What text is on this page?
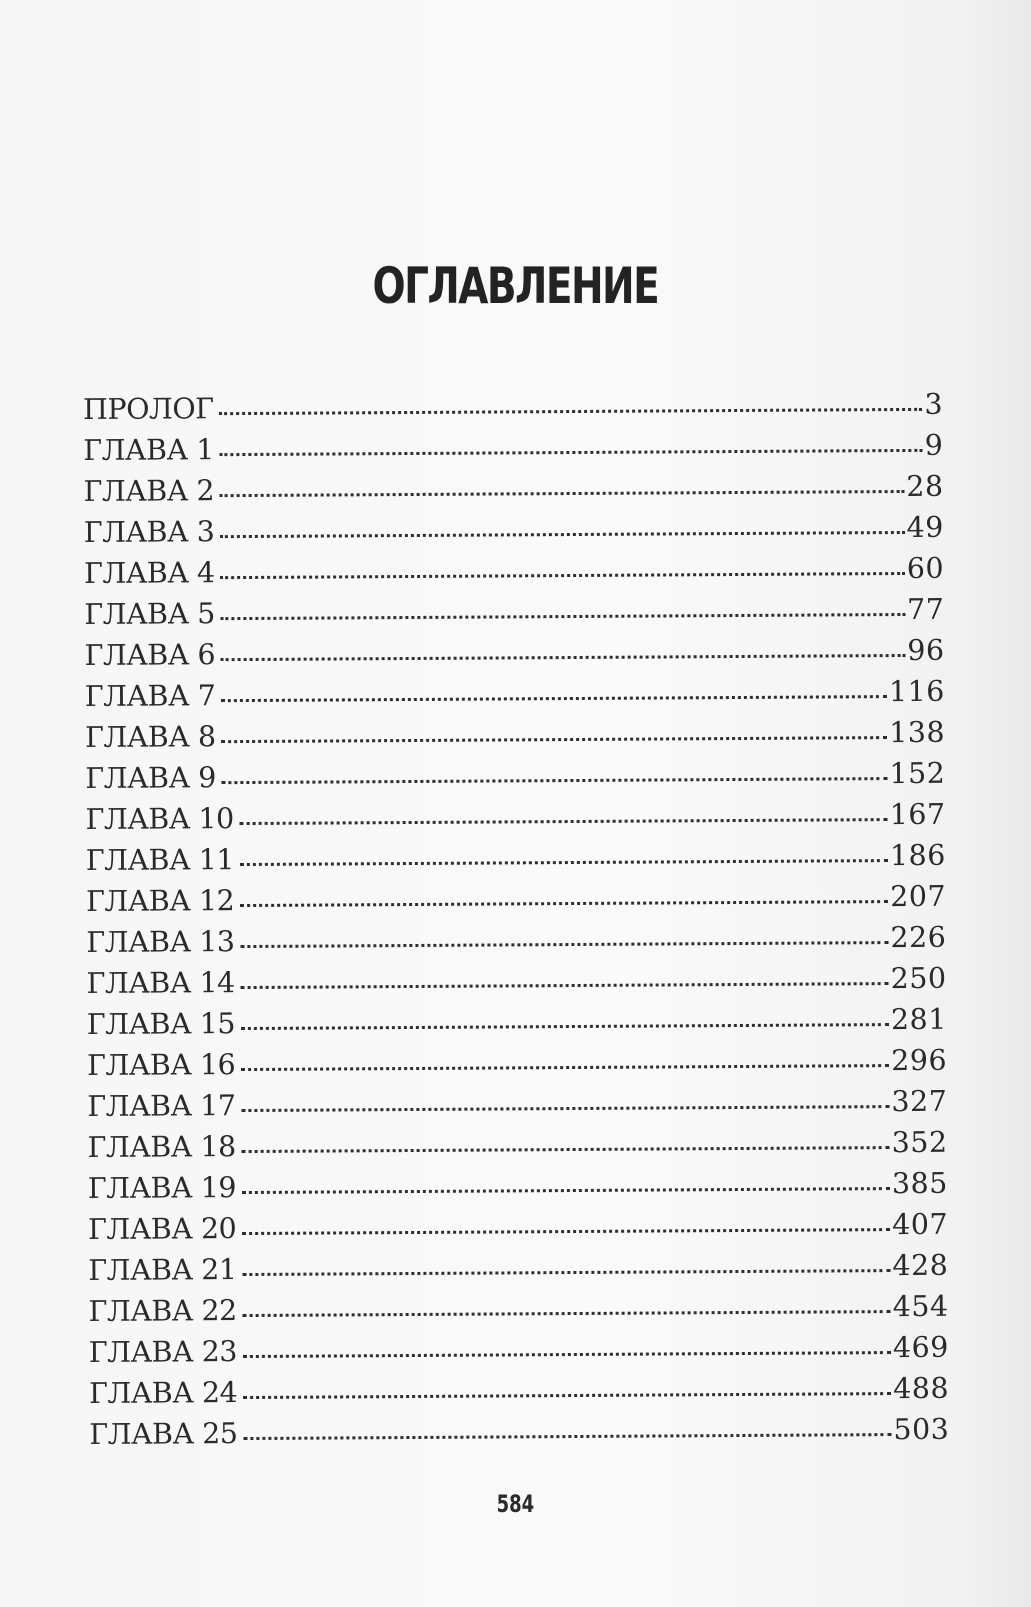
ОГЛАВЛЕНИЕ
ПРОЛОГ	3
ГЛАВА 1	9
ГЛАВА 2	28
ГЛАВА 3	49
ГЛАВА 4	60
ГЛАВА 5	77
ГЛАВА 6	96
ГЛАВА 7	116
ГЛАВА 8	138
ГЛАВА 9	152
ГЛАВА 10	167
ГЛАВА 11	186
ГЛАВА 12	207
ГЛАВА 13	226
ГЛАВА 14	250
ГЛАВА 15	281
ГЛАВА 16	296
ГЛАВА 17	327
ГЛАВА 18	352
ГЛАВА 19	385
ГЛАВА 20	407
ГЛАВА 21	428
ГЛАВА 22	454
ГЛАВА 23	469
ГЛАВА 24	488
ГЛАВА 25	503
584
